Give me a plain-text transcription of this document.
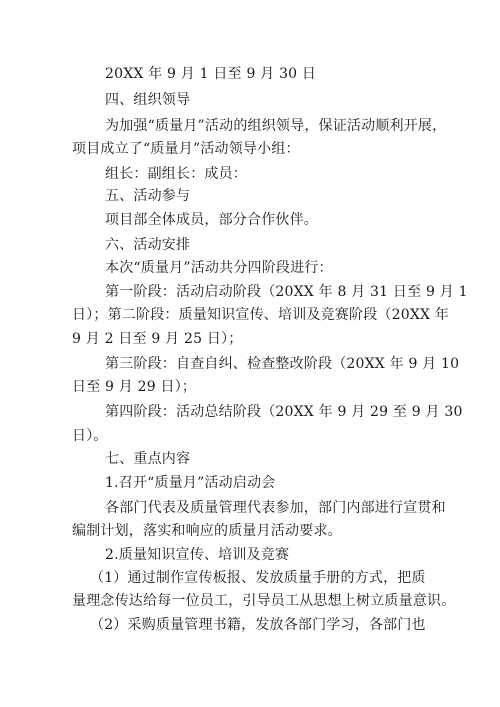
20XX 年 9 月 1 日至 9 月 30 日
四、组织领导
为加强“质量月”活动的组织领导，保证活动顺利开展，
项目成立了“质量月”活动领导小组：
组长：副组长：成员：
五、活动参与
项目部全体成员，部分合作伙伴。
六、活动安排
本次“质量月”活动共分四阶段进行：
第一阶段：活动启动阶段（20XX 年 8 月 31 日至 9 月 1
日）；第二阶段：质量知识宣传、培训及竞赛阶段（20XX 年
9 月 2 日至 9 月 25 日）；
第三阶段：自查自纠、检查整改阶段（20XX 年 9 月 10
日至 9 月 29 日）；
第四阶段：活动总结阶段（20XX 年 9 月 29 至 9 月 30
日）。
七、重点内容
1.召开“质量月”活动启动会
各部门代表及质量管理代表参加，部门内部进行宣贯和
编制计划，落实和响应的质量月活动要求。
2.质量知识宣传、培训及竞赛
（1）通过制作宣传板报、发放质量手册的方式，把质
量理念传达给每一位员工，引导员工从思想上树立质量意识。
（2）采购质量管理书籍，发放各部门学习，各部门也
